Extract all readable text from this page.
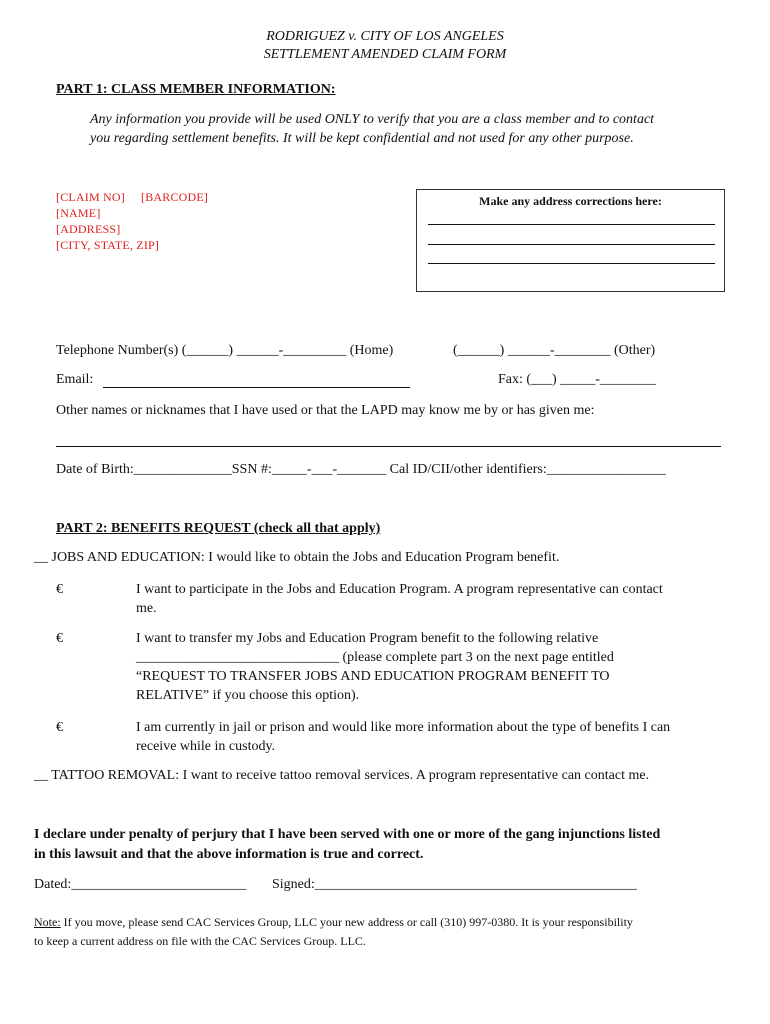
RODRIGUEZ v. CITY OF LOS ANGELES
SETTLEMENT AMENDED CLAIM FORM
PART 1: CLASS MEMBER INFORMATION:
Any information you provide will be used ONLY to verify that you are a class member and to contact
you regarding settlement benefits. It will be kept confidential and not used for any other purpose.
[CLAIM NO] [BARCODE]
[NAME]
[ADDRESS]
[CITY, STATE, ZIP]
Make any address corrections here:
Telephone Number(s) (______) ______-_________ (Home)	(______) ______-________ (Other)
Email:	Fax: (___) _____-________
Other names or nicknames that I have used or that the LAPD may know me by or has given me:
Date of Birth:______________SSN #:_____-___-_______ Cal ID/CII/other identifiers:_________________
PART 2: BENEFITS REQUEST (check all that apply)
__ JOBS AND EDUCATION: I would like to obtain the Jobs and Education Program benefit.
€	I want to participate in the Jobs and Education Program. A program representative can contact
me.
€	I want to transfer my Jobs and Education Program benefit to the following relative
_____________________________ (please complete part 3 on the next page entitled
“REQUEST TO TRANSFER JOBS AND EDUCATION PROGRAM BENEFIT TO
RELATIVE” if you choose this option).
€	I am currently in jail or prison and would like more information about the type of benefits I can
receive while in custody.
__ TATTOO REMOVAL: I want to receive tattoo removal services. A program representative can contact me.
I declare under penalty of perjury that I have been served with one or more of the gang injunctions listed
in this lawsuit and that the above information is true and correct.
Dated:_________________________ Signed:______________________________________________
Note: If you move, please send CAC Services Group, LLC your new address or call (310) 997-0380. It is your responsibility
to keep a current address on file with the CAC Services Group. LLC.
